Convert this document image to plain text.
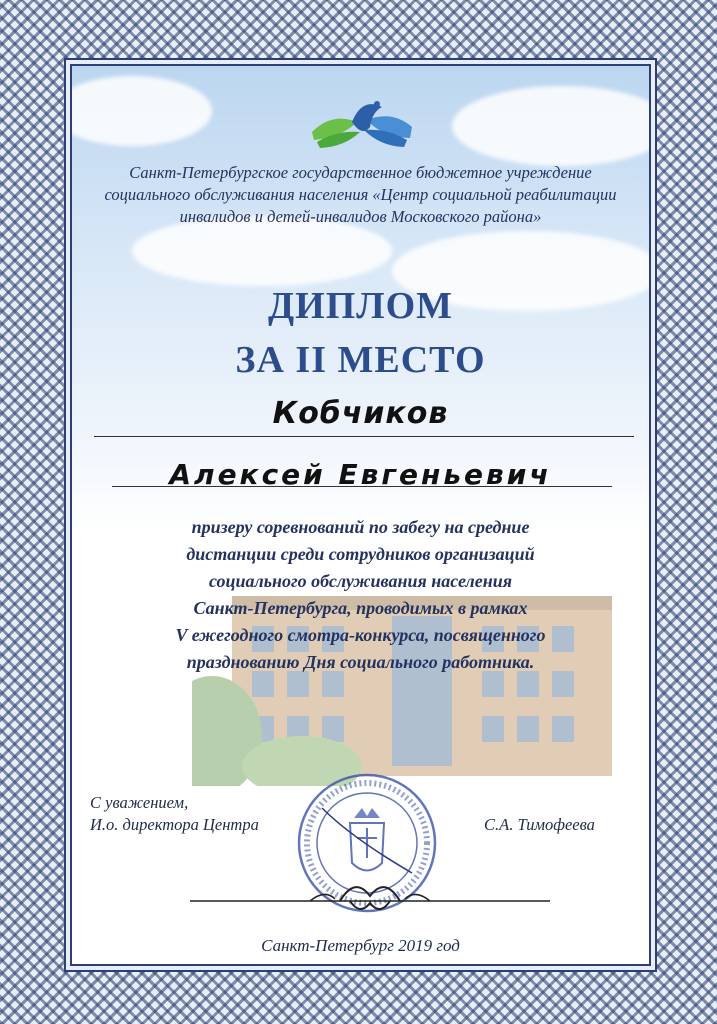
Санкт-Петербургское государственное бюджетное учреждение
социального обслуживания населения «Центр социальной реабилитации
инвалидов и детей-инвалидов Московского района»
ДИПЛОМ
ЗА II МЕСТО
Кобчиков
Алексей Евгеньевич
призеру соревнований по забегу на средние
дистанции среди сотрудников организаций
социального обслуживания населения
Санкт-Петербурга, проводимых в рамках
V ежегодного смотра-конкурса, посвященного
празднованию Дня социального работника.
С уважением,
И.о. директора Центра	С.А. Тимофеева
Санкт-Петербург 2019 год
